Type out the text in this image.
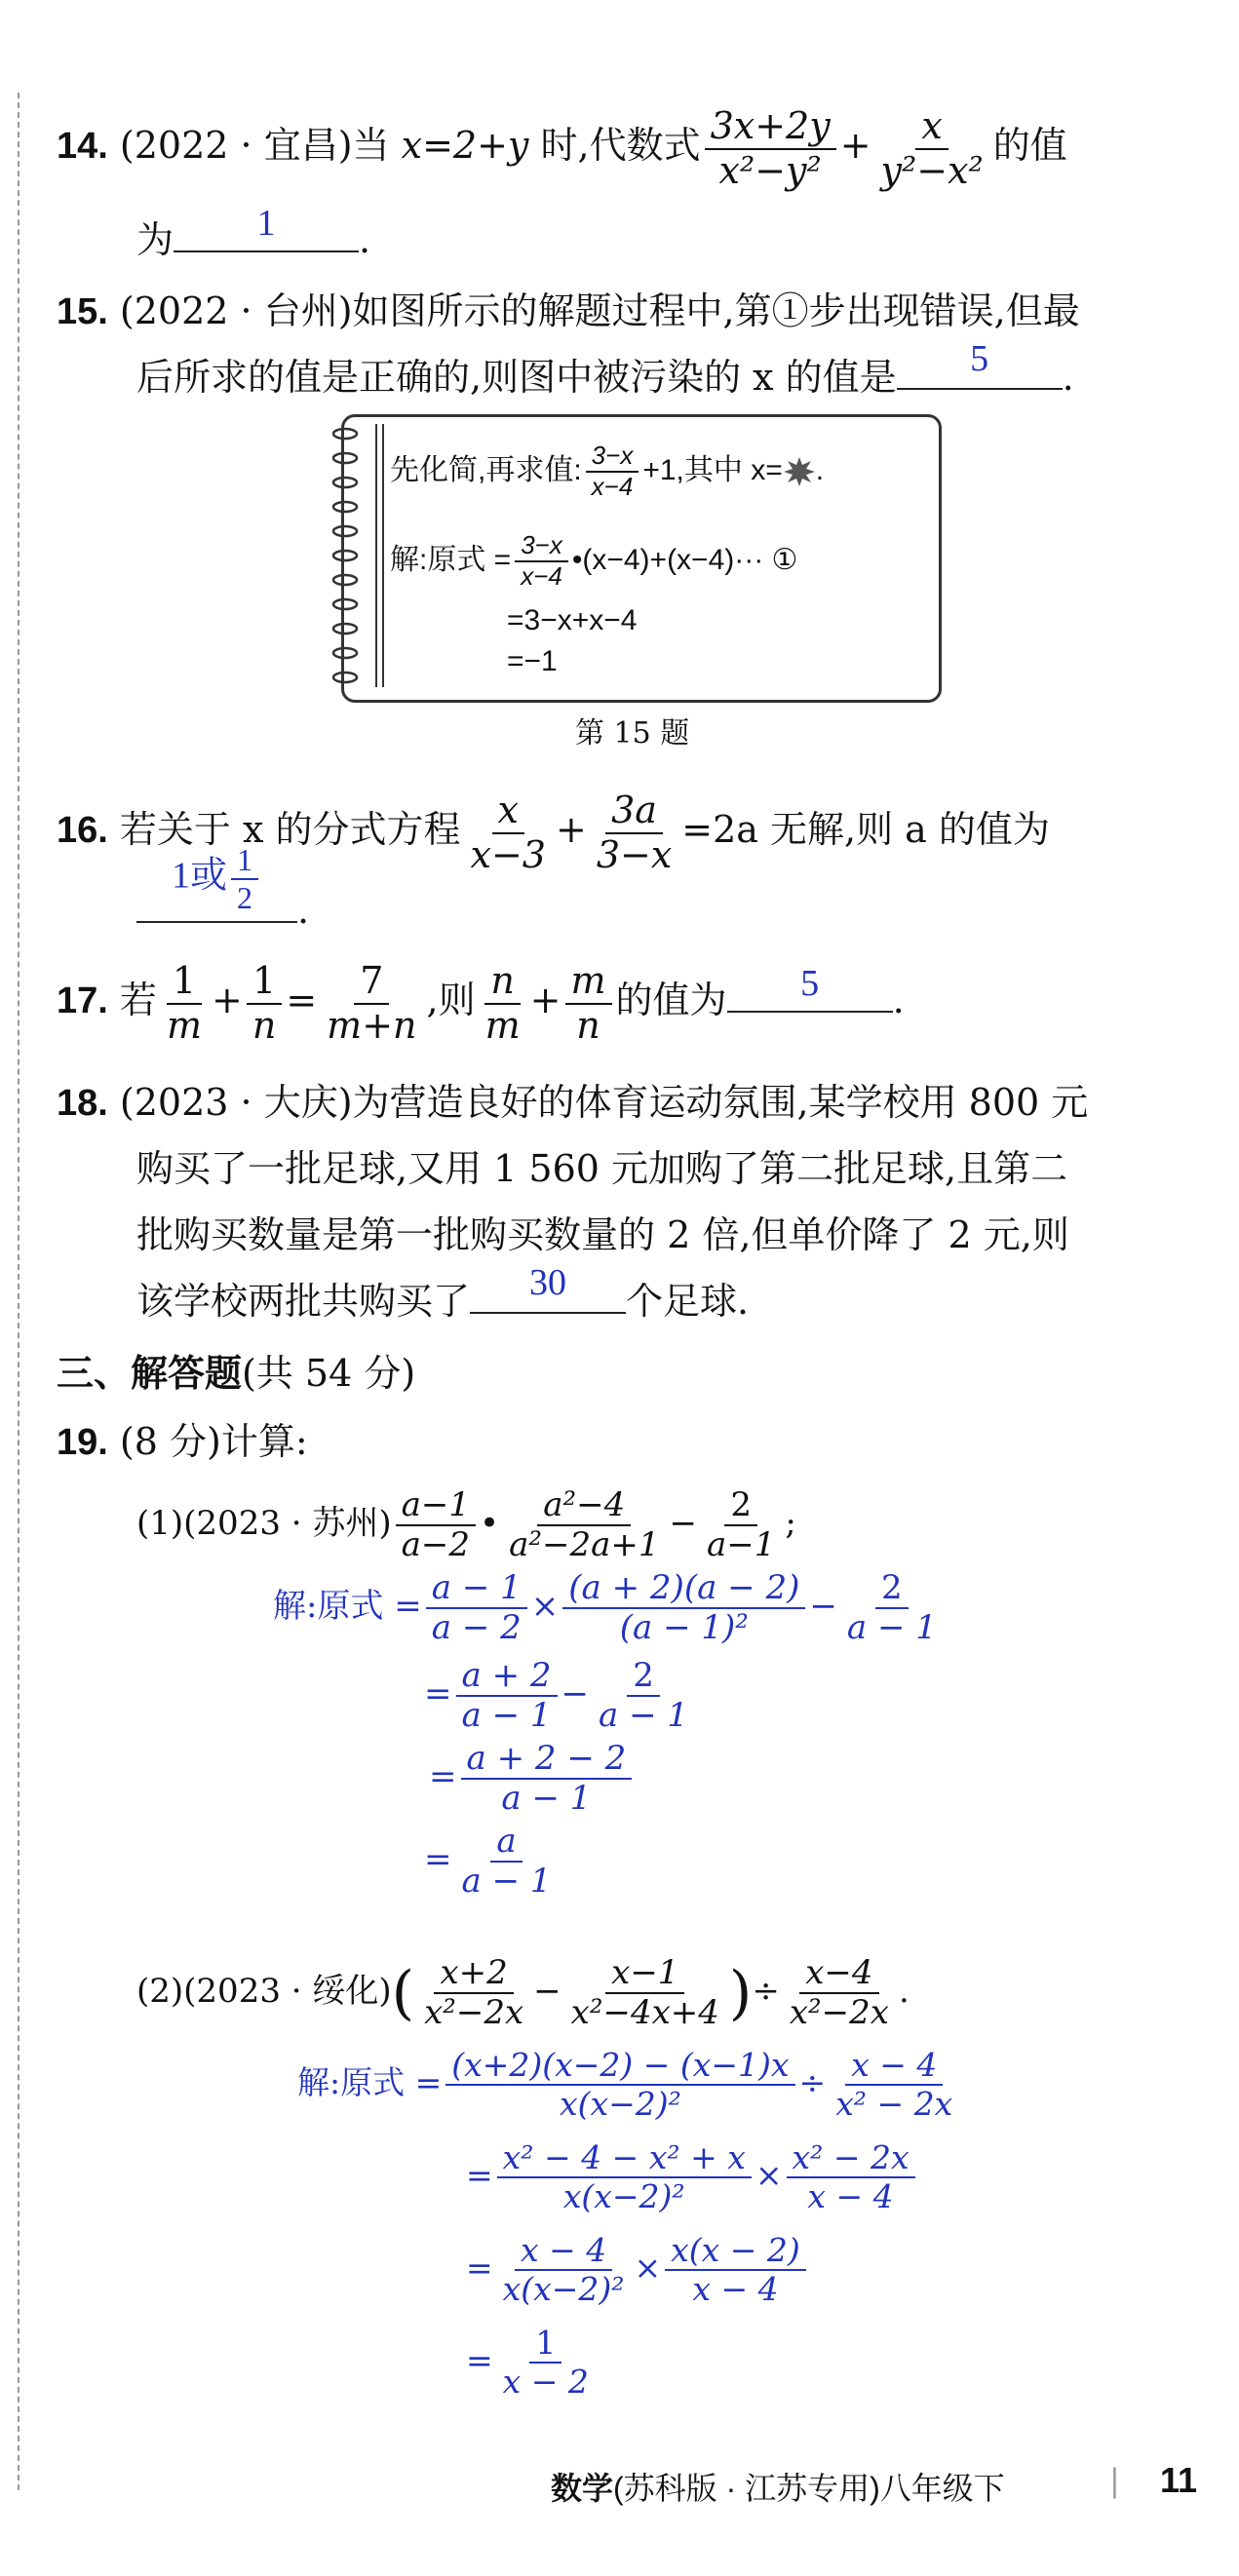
14. (2022 · 宜昌)当 x=2+y 时,代数式 $\frac{3x+2y}{\text{x²−y²}} + \frac{x}{\text{y²−x²}}$ 的值
为	1	.
15. (2022 · 台州)如图所示的解题过程中,第①步出现错误,但最
后所求的值是正确的,则图中被污染的 x 的值是	5	.
先化简,再求值: $\frac{3-x}{x-4} +1$,其中 x= .
解:原式 = $\frac{3-x}{x-4}$ •(x−4)+(x−4)··· ①
=3−x+x−4
=−1
第 15 题
16. 若关于 x 的分式方程 $\frac{x}{x-3} + \frac{3a}{3-x} =2a$ 无解,则 a 的值为
1或 $\frac{1}{2}$ .
17. 若 $\frac{1}{m} + \frac{1}{n} = \frac{7}{m+n}$ ,则 $\frac{n}{m} + \frac{m}{n}$ 的值为	5	.
18. (2023 · 大庆)为营造良好的体育运动氛围,某学校用 800 元
购买了一批足球,又用 1 560 元加购了第二批足球,且第二
批购买数量是第一批购买数量的 2 倍,但单价降了 2 元,则
该学校两批共购买了	30	个足球.
三、解答题(共 54 分)
19. (8 分)计算:
(1)(2023 · 苏州) $\frac{a-1}{a-2}$ • $\frac{\text{a²−4}}{\text{a²−2a+1}} - \frac{2}{a-1}$ ;
解:原式 = $\frac{a - 1}{a - 2} \times \frac{(a + 2)(a - 2)}{\text{(a − 1)²}} - \frac{2}{a - 1}$
= $\frac{a + 2}{a - 1} - \frac{2}{a - 1}$
= $\frac{a + 2 - 2}{a - 1}$
= $\frac{a}{a - 1}$
(2)(2023 · 绥化)( $\frac{x+2}{\text{x²−2x}} - \frac{x-1}{\text{x²−4x+4}}$ )÷ $\frac{x-4}{\text{x²−2x}}$ .
解:原式 = $\frac{(x+2)(x-2) - (x-1)x}{\text{x(x−2)²}} \div \frac{x - 4}{\text{x² − 2x}}$
= $\frac{\text{x² − 4 − x² + x}}{\text{x(x−2)²}} \times \frac{\text{x² − 2x}}{x - 4}$
= $\frac{x - 4}{\text{x(x−2)²}} \times \frac{x(x - 2)}{x - 4}$
= $\frac{1}{x - 2}$
数学(苏科版 · 江苏专用)八年级下	| 11
